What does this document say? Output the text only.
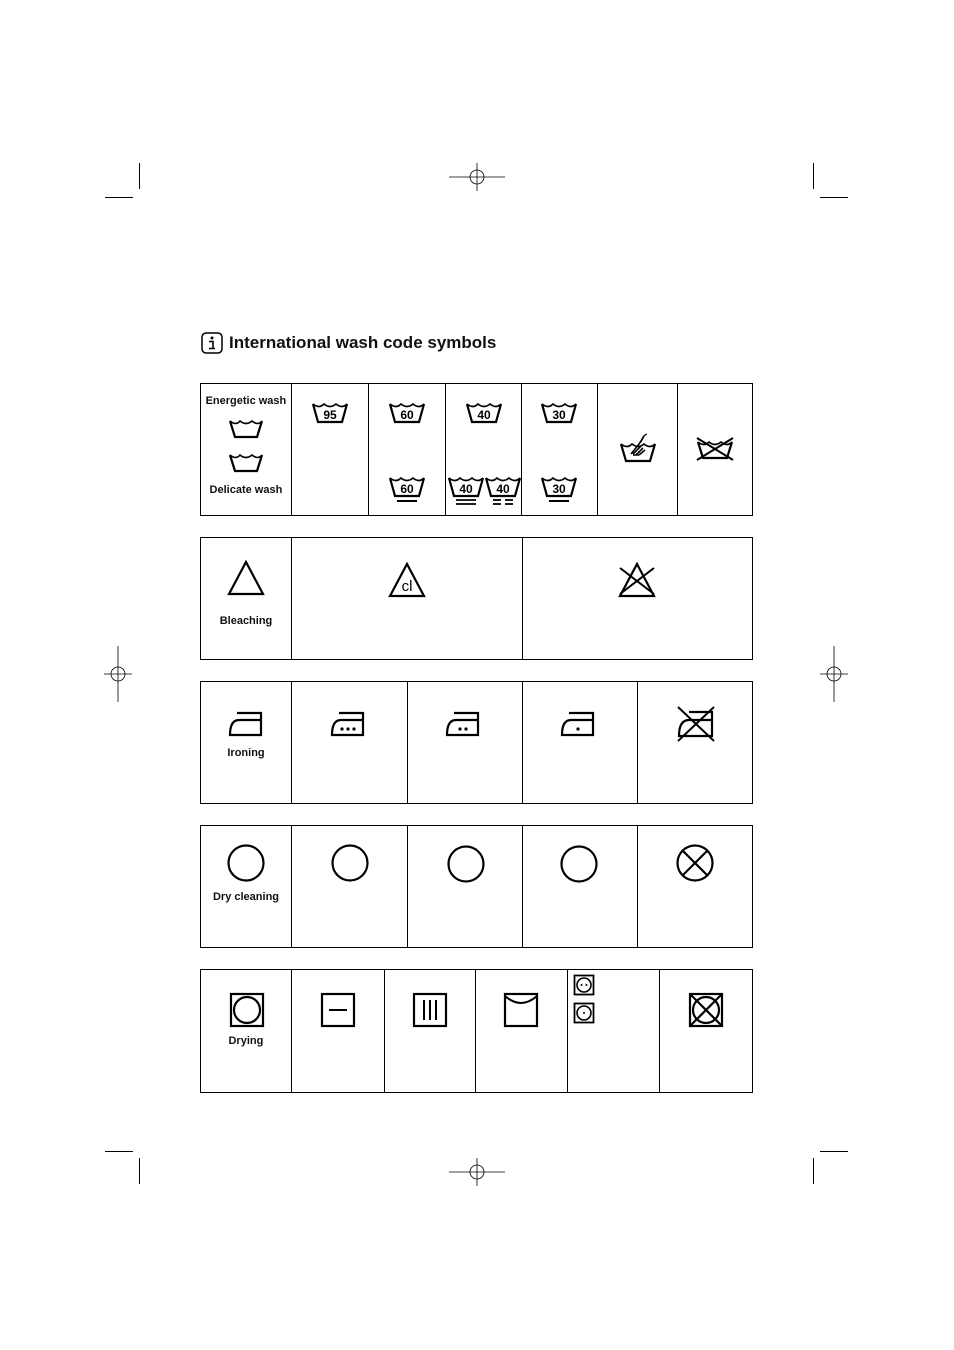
International wash code symbols
Energetic wash
Delicate wash
95	60
60
40
40 40
30
30
Bleaching
cl
Ironing
Dry cleaning
Drying
